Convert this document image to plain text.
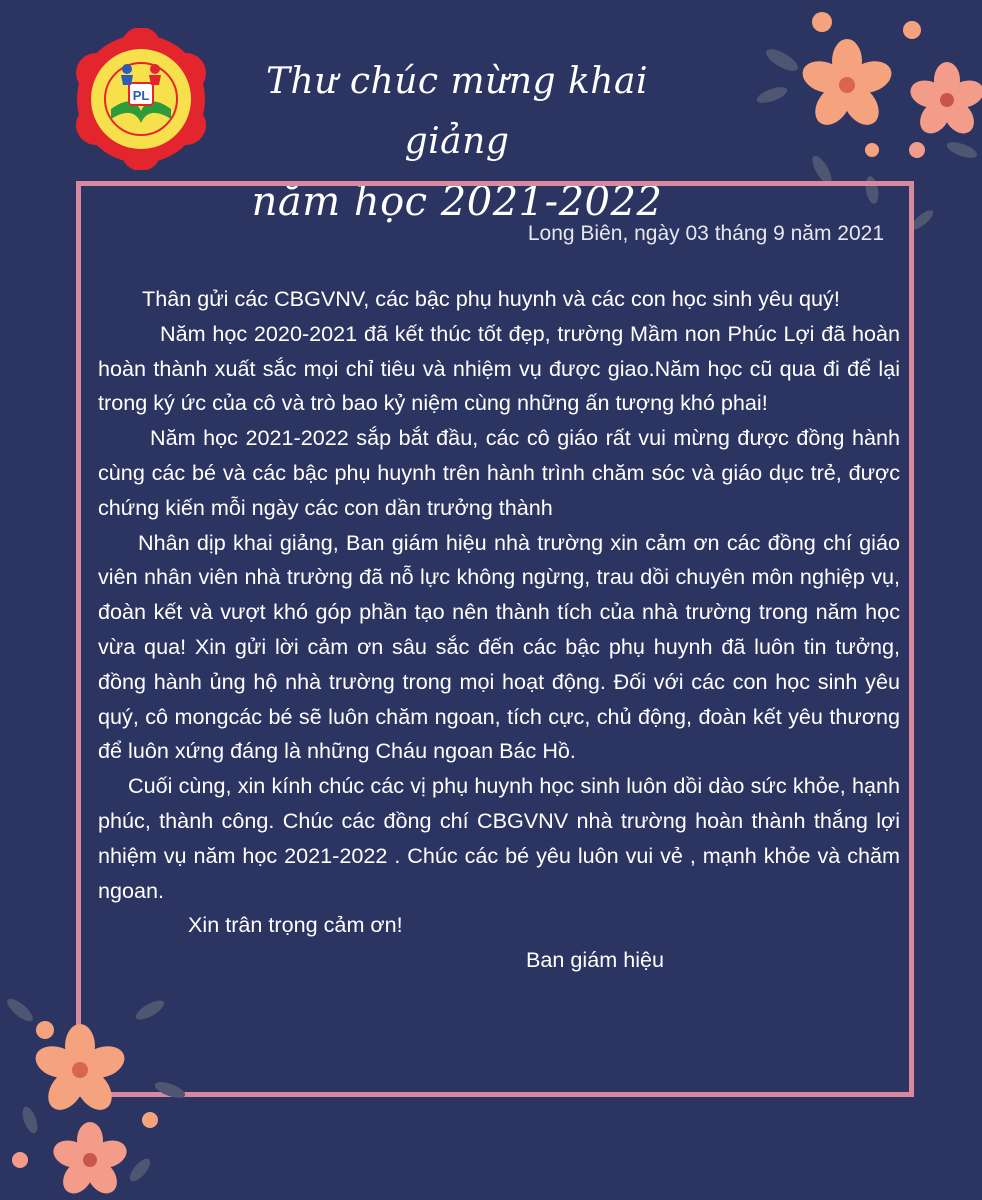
PL	Thư chúc mừng khai giảng
năm học 2021-2022
Long Biên, ngày 03 tháng 9 năm 2021

Thân gửi các CBGVNV, các bậc phụ huynh và các con học sinh yêu quý!

Năm học 2020-2021 đã kết thúc tốt đẹp, trường Mầm non Phúc Lợi đã hoàn hoàn thành xuất sắc mọi chỉ tiêu và nhiệm vụ được giao.Năm học cũ qua đi để lại trong ký ức của cô và trò bao kỷ niệm cùng những ấn tượng khó phai!

Năm học 2021-2022 sắp bắt đầu, các cô giáo rất vui mừng được đồng hành cùng các bé và các bậc phụ huynh trên hành trình chăm sóc và giáo dục trẻ, được chứng kiến mỗi ngày các con dần trưởng thành

Nhân dịp khai giảng, Ban giám hiệu nhà trường xin cảm ơn các đồng chí giáo viên nhân viên nhà trường đã nỗ lực không ngừng, trau dồi chuyên môn nghiệp vụ, đoàn kết và vượt khó góp phần tạo nên thành tích của nhà trường trong năm học vừa qua! Xin gửi lời cảm ơn sâu sắc đến các bậc phụ huynh đã luôn tin tưởng, đồng hành ủng hộ nhà trường trong mọi hoạt động. Đối với các con học sinh yêu quý, cô mongcác bé sẽ luôn chăm ngoan, tích cực, chủ động, đoàn kết yêu thương để luôn xứng đáng là những Cháu ngoan Bác Hồ.

Cuối cùng, xin kính chúc các vị phụ huynh học sinh luôn dồi dào sức khỏe, hạnh phúc, thành công. Chúc các đồng chí CBGVNV nhà trường hoàn thành thắng lợi nhiệm vụ năm học 2021-2022 . Chúc các bé yêu luôn vui vẻ , mạnh khỏe và chăm ngoan.

Xin trân trọng cảm ơn!

Ban giám hiệu
